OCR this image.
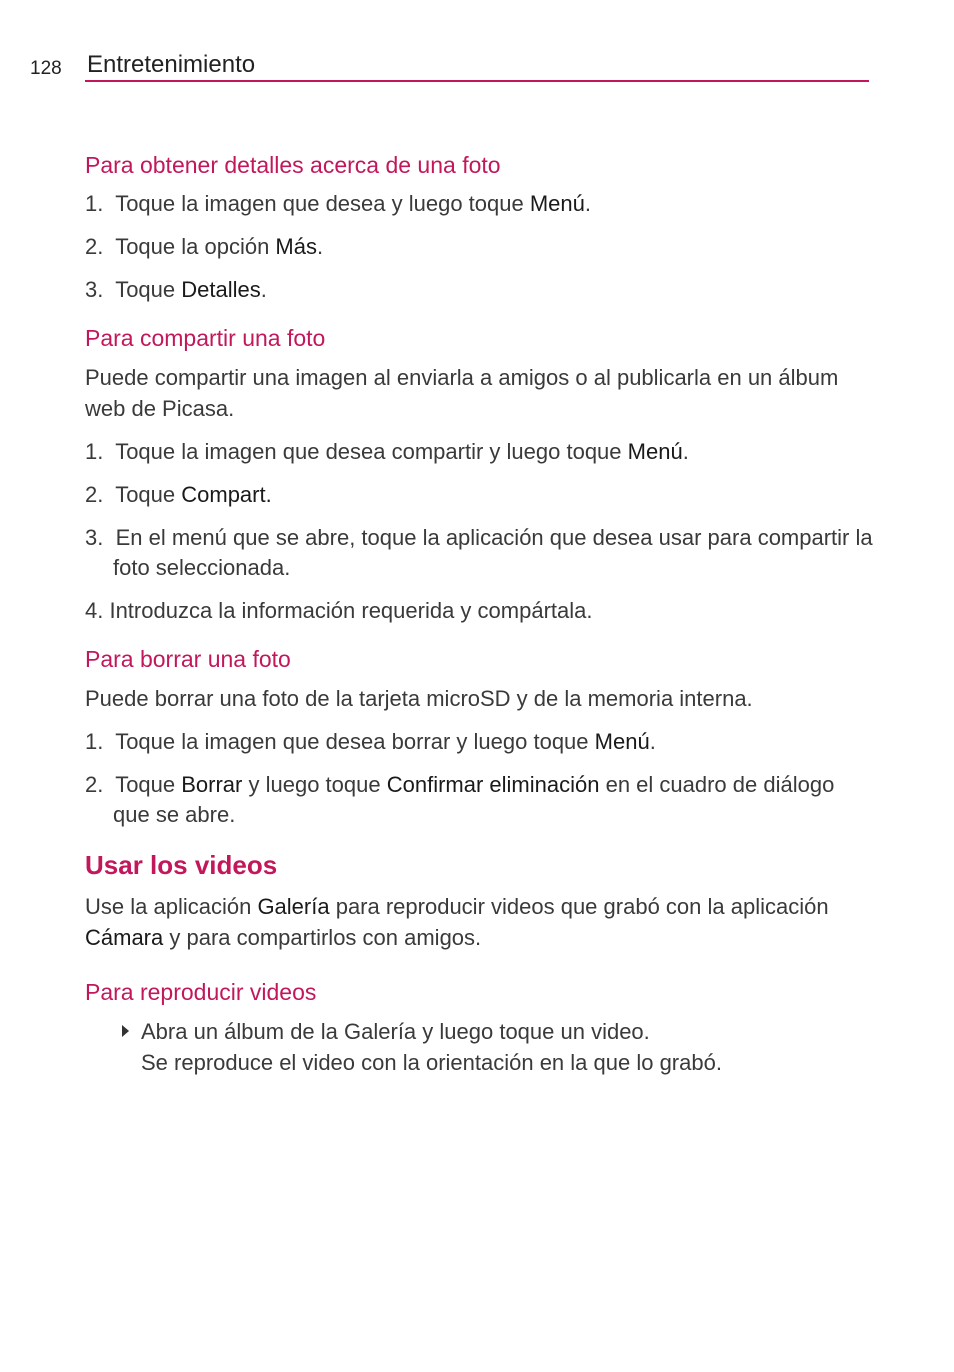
128 Entretenimiento
Para obtener detalles acerca de una foto
1. Toque la imagen que desea y luego toque Menú.
2. Toque la opción Más.
3. Toque Detalles.
Para compartir una foto

Puede compartir una imagen al enviarla a amigos o al publicarla en un álbum web de Picasa.

1. Toque la imagen que desea compartir y luego toque Menú.
2. Toque Compart.
3. En el menú que se abre, toque la aplicación que desea usar para compartir la foto seleccionada.
4. Introduzca la información requerida y compártala.
Para borrar una foto

Puede borrar una foto de la tarjeta microSD y de la memoria interna.

1. Toque la imagen que desea borrar y luego toque Menú.
2. Toque Borrar y luego toque Confirmar eliminación en el cuadro de diálogo que se abre.
Usar los videos

Use la aplicación Galería para reproducir videos que grabó con la aplicación Cámara y para compartirlos con amigos.

Para reproducir videos
Abra un álbum de la Galería y luego toque un video.
Se reproduce el video con la orientación en la que lo grabó.
